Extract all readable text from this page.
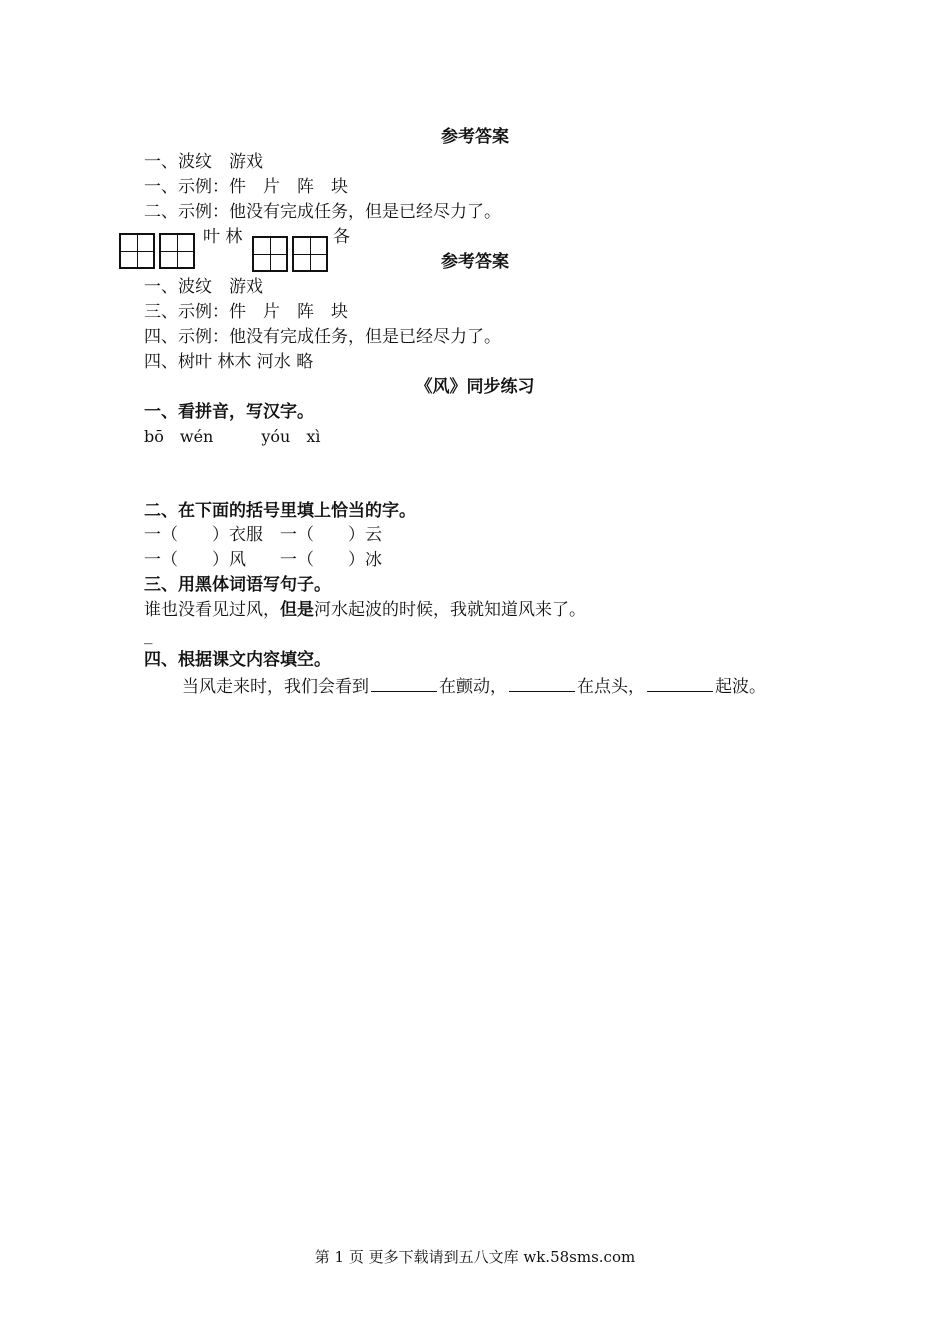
参考答案
一、波纹　游戏
一、示例：件　片　阵　块
二、示例：他没有完成任务，但是已经尽力了。
叶 林	各
参考答案
一、波纹　游戏
三、示例：件　片　阵　块
四、示例：他没有完成任务，但是已经尽力了。
四、树叶 林木 河水 略
《风》同步练习
一、看拼音，写汉字。
bō　wén　　　yóu　xì
二、在下面的括号里填上恰当的字。
一（　　）衣服　一（　　）云
一（　　）风　　一（　　）冰
三、用黑体词语写句子。
谁也没看见过风，但是河水起波的时候，我就知道风来了。
_
四、根据课文内容填空。
当风走来时，我们会看到	在颤动，	在点头，	起波。
第 1 页 更多下载请到五八文库 wk.58sms.com
